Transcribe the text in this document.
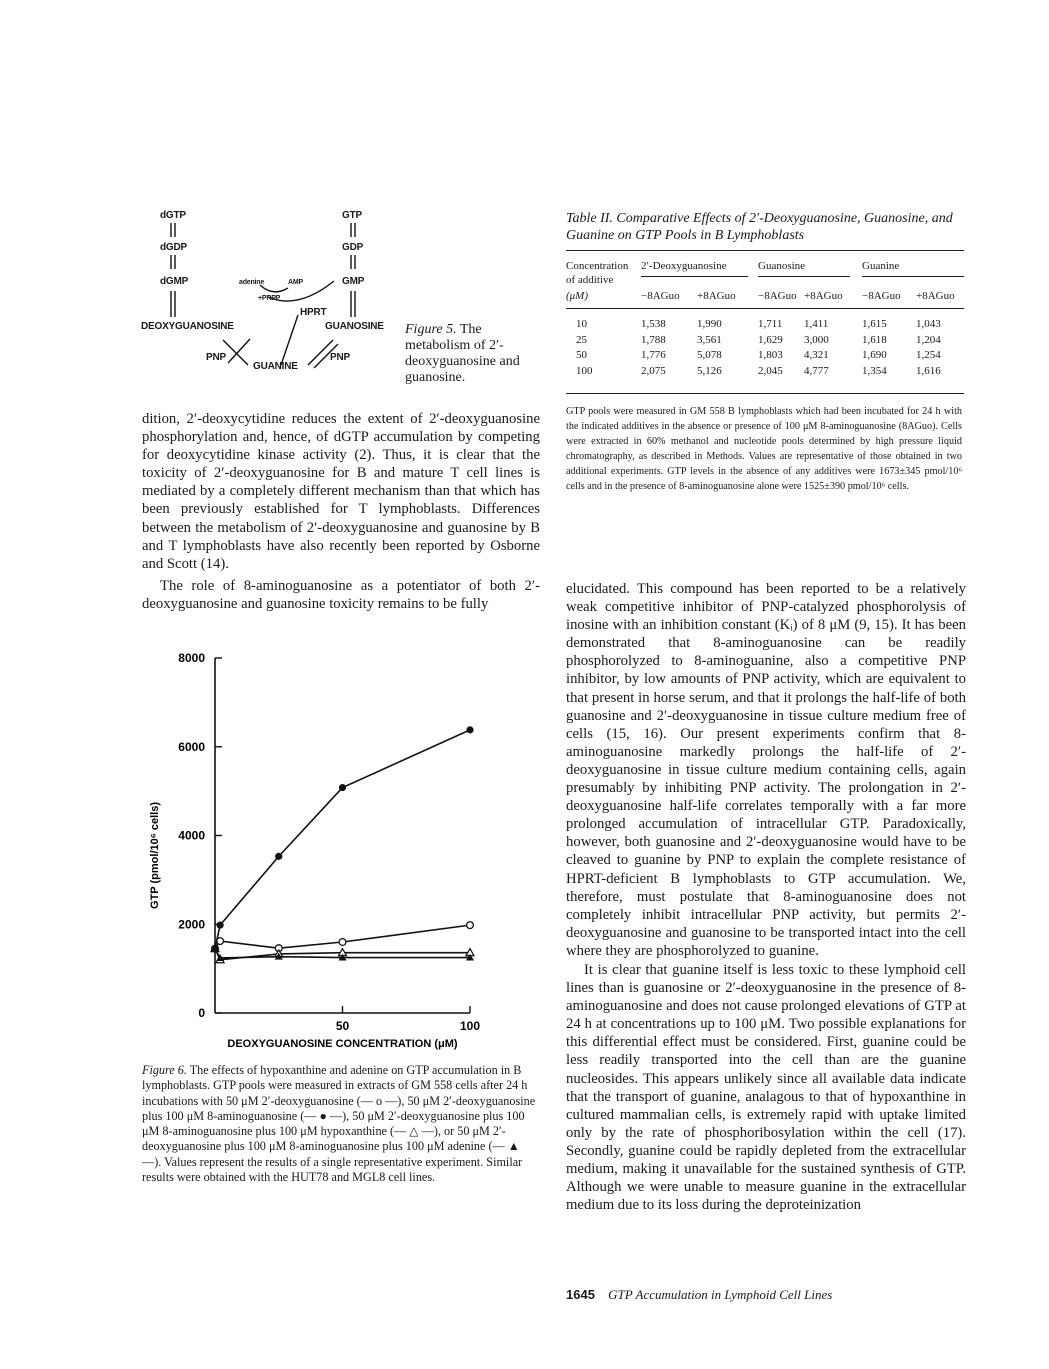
dGTP
dGDP
dGMP
DEOXYGUANOSINE
GTP
GDP
GMP
GUANOSINE
adenine	AMP
+PRPP
HPRT
PNP	PNP
GUANINE
Figure 5. The metabolism of 2′-deoxyguanosine and guanosine.
Table II. Comparative Effects of 2′-Deoxyguanosine, Guanosine, and Guanine on GTP Pools in B Lymphoblasts
Concentration
of additive
(μM)
2′-Deoxyguanosine	Guanosine	Guanine
−8AGuo +8AGuo −8AGuo +8AGuo −8AGuo +8AGuo
10	1,538	1,990	1,711 1,411	1,615	1,043
25	1,788	3,561	1,629 3,000	1,618	1,204
50	1,776	5,078	1,803 4,321	1,690	1,254
100	2,075	5,126	2,045 4,777	1,354	1,616
GTP pools were measured in GM 558 B lymphoblasts which had been incubated for 24 h with the indicated additives in the absence or presence of 100 μM 8-aminoguanosine (8AGuo). Cells were extracted in 60% methanol and nucleotide pools determined by high pressure liquid chromatography, as described in Methods. Values are representative of those obtained in two additional experiments. GTP levels in the absence of any additives were 1673±345 pmol/10⁶ cells and in the presence of 8-aminoguanosine alone were 1525±390 pmol/10⁶ cells.
dition, 2′-deoxycytidine reduces the extent of 2′-deoxyguanosine phosphorylation and, hence, of dGTP accumulation by competing for deoxycytidine kinase activity (2). Thus, it is clear that the toxicity of 2′-deoxyguanosine for B and mature T cell lines is mediated by a completely different mechanism than that which has been previously established for T lymphoblasts. Differences between the metabolism of 2′-deoxyguanosine and guanosine by B and T lymphoblasts have also recently been reported by Osborne and Scott (14).
The role of 8-aminoguanosine as a potentiator of both 2′-deoxyguanosine and guanosine toxicity remains to be fully
0
2000
4000
6000
8000
50	100
DEOXYGUANOSINE CONCENTRATION (μM)
GTP (pmol/10⁶ cells)
Figure 6. The effects of hypoxanthine and adenine on GTP accumulation in B lymphoblasts. GTP pools were measured in extracts of GM 558 cells after 24 h incubations with 50 μM 2′-deoxyguanosine (— o —), 50 μM 2′-deoxyguanosine plus 100 μM 8-aminoguanosine (— ● —), 50 μM 2′-deoxyguanosine plus 100 μM 8-aminoguanosine plus 100 μM hypoxanthine (— △ —), or 50 μM 2′-deoxyguanosine plus 100 μM 8-aminoguanosine plus 100 μM adenine (— ▲ —). Values represent the results of a single representative experiment. Similar results were obtained with the HUT78 and MGL8 cell lines.
elucidated. This compound has been reported to be a relatively weak competitive inhibitor of PNP-catalyzed phosphorolysis of inosine with an inhibition constant (Kᵢ) of 8 μM (9, 15). It has been demonstrated that 8-aminoguanosine can be readily phosphorolyzed to 8-aminoguanine, also a competitive PNP inhibitor, by low amounts of PNP activity, which are equivalent to that present in horse serum, and that it prolongs the half-life of both guanosine and 2′-deoxyguanosine in tissue culture medium free of cells (15, 16). Our present experiments confirm that 8-aminoguanosine markedly prolongs the half-life of 2′-deoxyguanosine in tissue culture medium containing cells, again presumably by inhibiting PNP activity. The prolongation in 2′-deoxyguanosine half-life correlates temporally with a far more prolonged accumulation of intracellular GTP. Paradoxically, however, both guanosine and 2′-deoxyguanosine would have to be cleaved to guanine by PNP to explain the complete resistance of HPRT-deficient B lymphoblasts to GTP accumulation. We, therefore, must postulate that 8-aminoguanosine does not completely inhibit intracellular PNP activity, but permits 2′-deoxyguanosine and guanosine to be transported intact into the cell where they are phosphorolyzed to guanine.
It is clear that guanine itself is less toxic to these lymphoid cell lines than is guanosine or 2′-deoxyguanosine in the presence of 8-aminoguanosine and does not cause prolonged elevations of GTP at 24 h at concentrations up to 100 μM. Two possible explanations for this differential effect must be considered. First, guanine could be less readily transported into the cell than are the guanine nucleosides. This appears unlikely since all available data indicate that the transport of guanine, analagous to that of hypoxanthine in cultured mammalian cells, is extremely rapid with uptake limited only by the rate of phosphoribosylation within the cell (17). Secondly, guanine could be rapidly depleted from the extracellular medium, making it unavailable for the sustained synthesis of GTP. Although we were unable to measure guanine in the extracellular medium due to its loss during the deproteinization
1645 GTP Accumulation in Lymphoid Cell Lines
